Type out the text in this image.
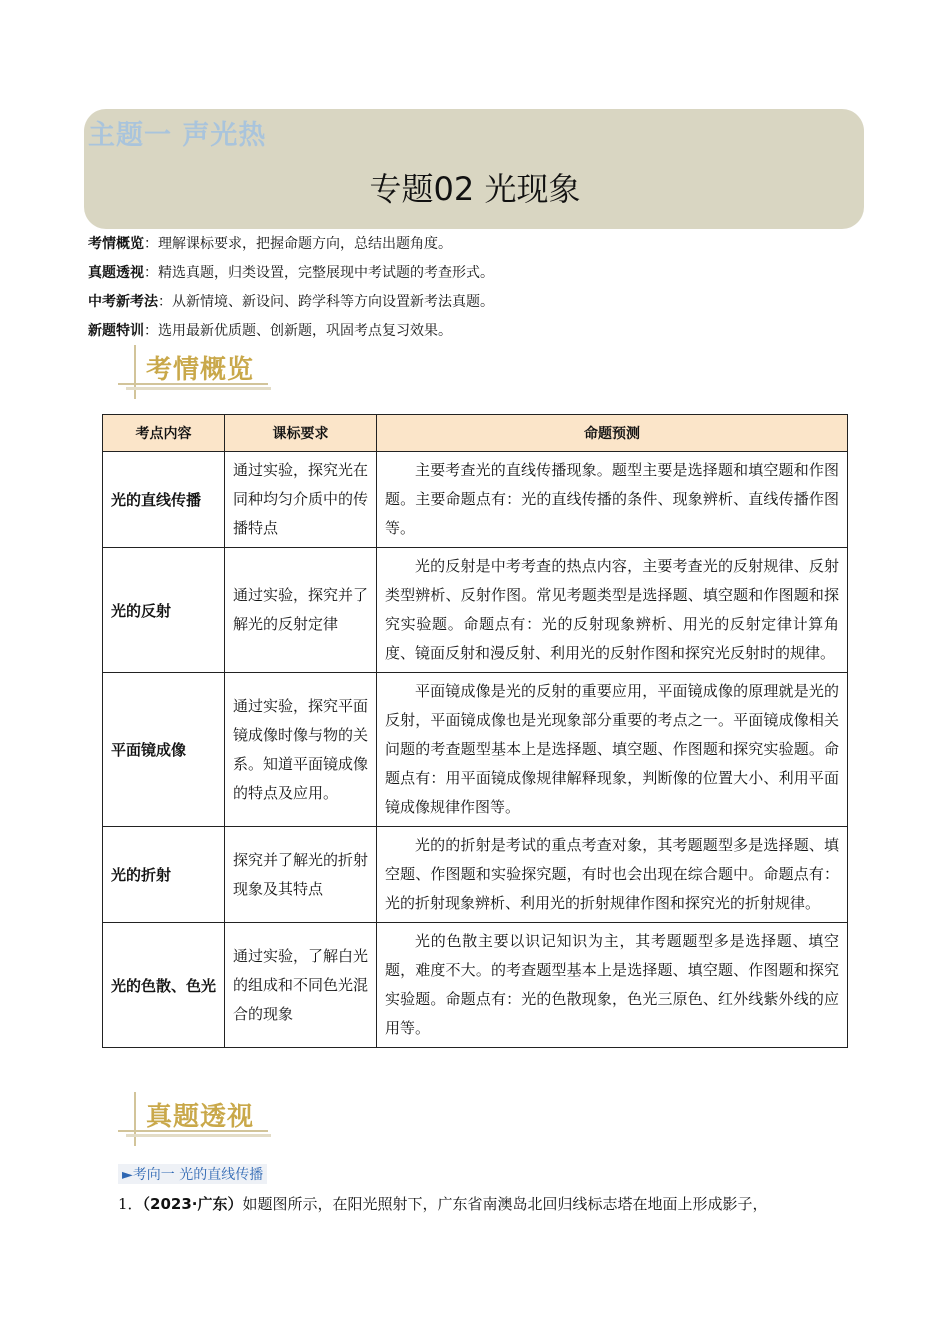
主题一 声光热
专题02 光现象
考情概览：理解课标要求，把握命题方向，总结出题角度。
真题透视：精选真题，归类设置，完整展现中考试题的考查形式。
中考新考法：从新情境、新设问、跨学科等方向设置新考法真题。
新题特训：选用最新优质题、创新题，巩固考点复习效果。
考情概览
考点内容	课标要求	命题预测
光的直线传播	通过实验，探究光在同种均匀介质中的传播特点	主要考查光的直线传播现象。题型主要是选择题和填空题和作图题。主要命题点有：光的直线传播的条件、现象辨析、直线传播作图等。
光的反射	通过实验，探究并了解光的反射定律	光的反射是中考考查的热点内容，主要考查光的反射规律、反射类型辨析、反射作图。常见考题类型是选择题、填空题和作图题和探究实验题。命题点有：光的反射现象辨析、用光的反射定律计算角度、镜面反射和漫反射、利用光的反射作图和探究光反射时的规律。
平面镜成像	通过实验，探究平面镜成像时像与物的关系。知道平面镜成像的特点及应用。	平面镜成像是光的反射的重要应用，平面镜成像的原理就是光的反射，平面镜成像也是光现象部分重要的考点之一。平面镜成像相关问题的考查题型基本上是选择题、填空题、作图题和探究实验题。命题点有：用平面镜成像规律解释现象，判断像的位置大小、利用平面镜成像规律作图等。
光的折射	探究并了解光的折射现象及其特点	光的的折射是考试的重点考查对象，其考题题型多是选择题、填空题、作图题和实验探究题，有时也会出现在综合题中。命题点有：光的折射现象辨析、利用光的折射规律作图和探究光的折射规律。
光的色散、色光	通过实验，了解白光的组成和不同色光混合的现象	光的色散主要以识记知识为主，其考题题型多是选择题、填空题，难度不大。的考查题型基本上是选择题、填空题、作图题和探究实验题。命题点有：光的色散现象，色光三原色、红外线紫外线的应用等。
真题透视
►考向一 光的直线传播
1．（2023·广东）如题图所示，在阳光照射下，广东省南澳岛北回归线标志塔在地面上形成影子，
